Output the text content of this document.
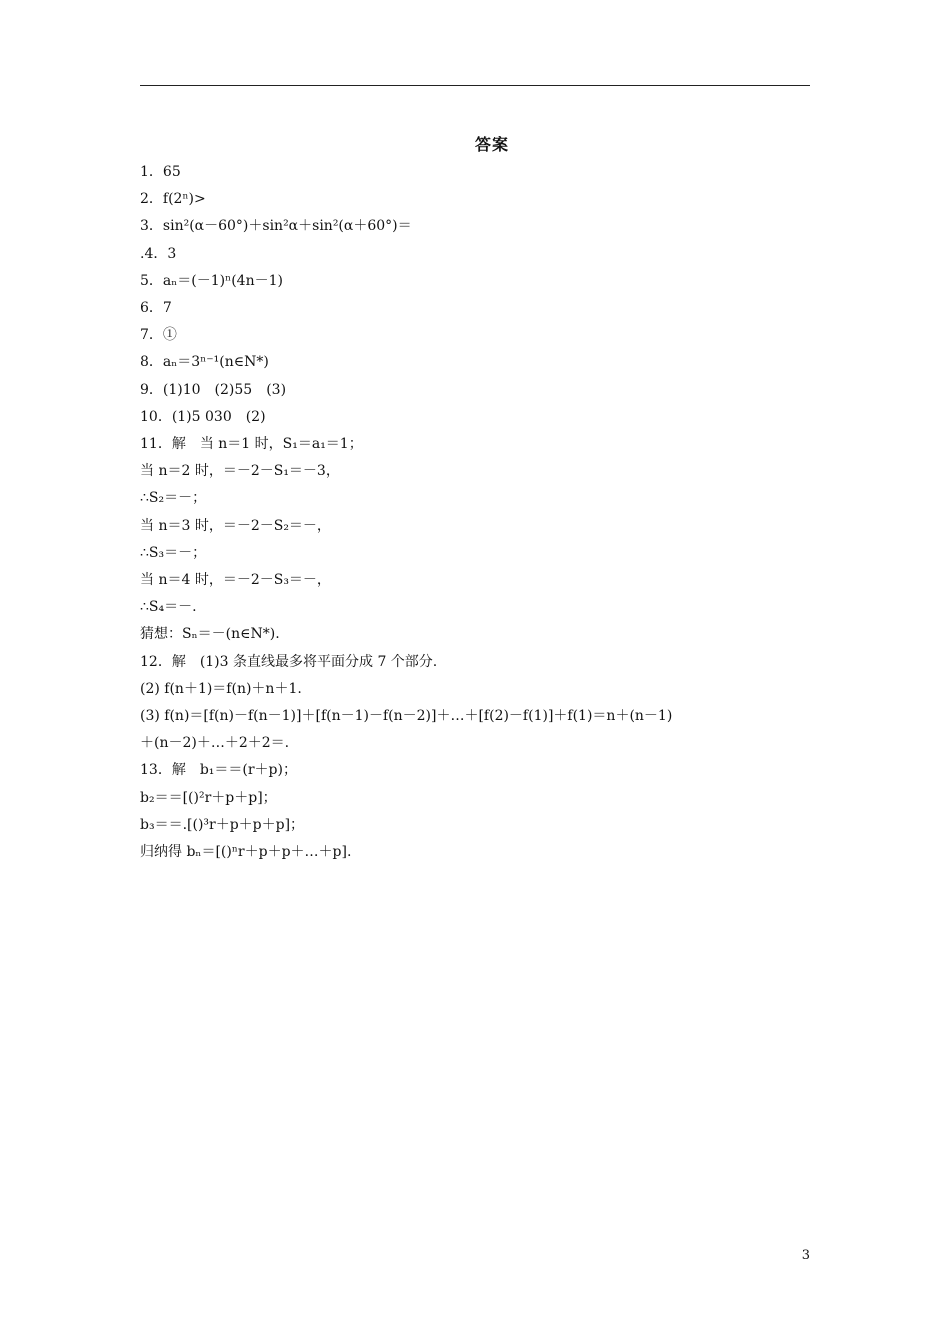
答案
1．65
2．f(2ⁿ)>
3．sin²(α－60°)＋sin²α＋sin²(α＋60°)＝
.4．3
5．aₙ＝(－1)ⁿ(4n－1)
6．7
7．①
8．aₙ＝3ⁿ⁻¹(n∈N*)
9．(1)10　(2)55　(3)
10．(1)5 030　(2)
11．解　当 n＝1 时，S₁＝a₁＝1；
当 n＝2 时，＝－2－S₁＝－3，
∴S₂＝－；
当 n＝3 时，＝－2－S₂＝－，
∴S₃＝－；
当 n＝4 时，＝－2－S₃＝－，
∴S₄＝－.
猜想：Sₙ＝－(n∈N*).
12．解　(1)3 条直线最多将平面分成 7 个部分.
(2) f(n＋1)＝f(n)＋n＋1.
(3) f(n)＝[f(n)－f(n－1)]＋[f(n－1)－f(n－2)]＋…＋[f(2)－f(1)]＋f(1)＝n＋(n－1)
＋(n－2)＋…＋2＋2＝.
13．解　b₁＝＝(r＋p)；
b₂＝＝[()²r＋p＋p]；
b₃＝＝.[()³r＋p＋p＋p]；
归纳得 bₙ＝[()ⁿr＋p＋p＋…＋p].
3
